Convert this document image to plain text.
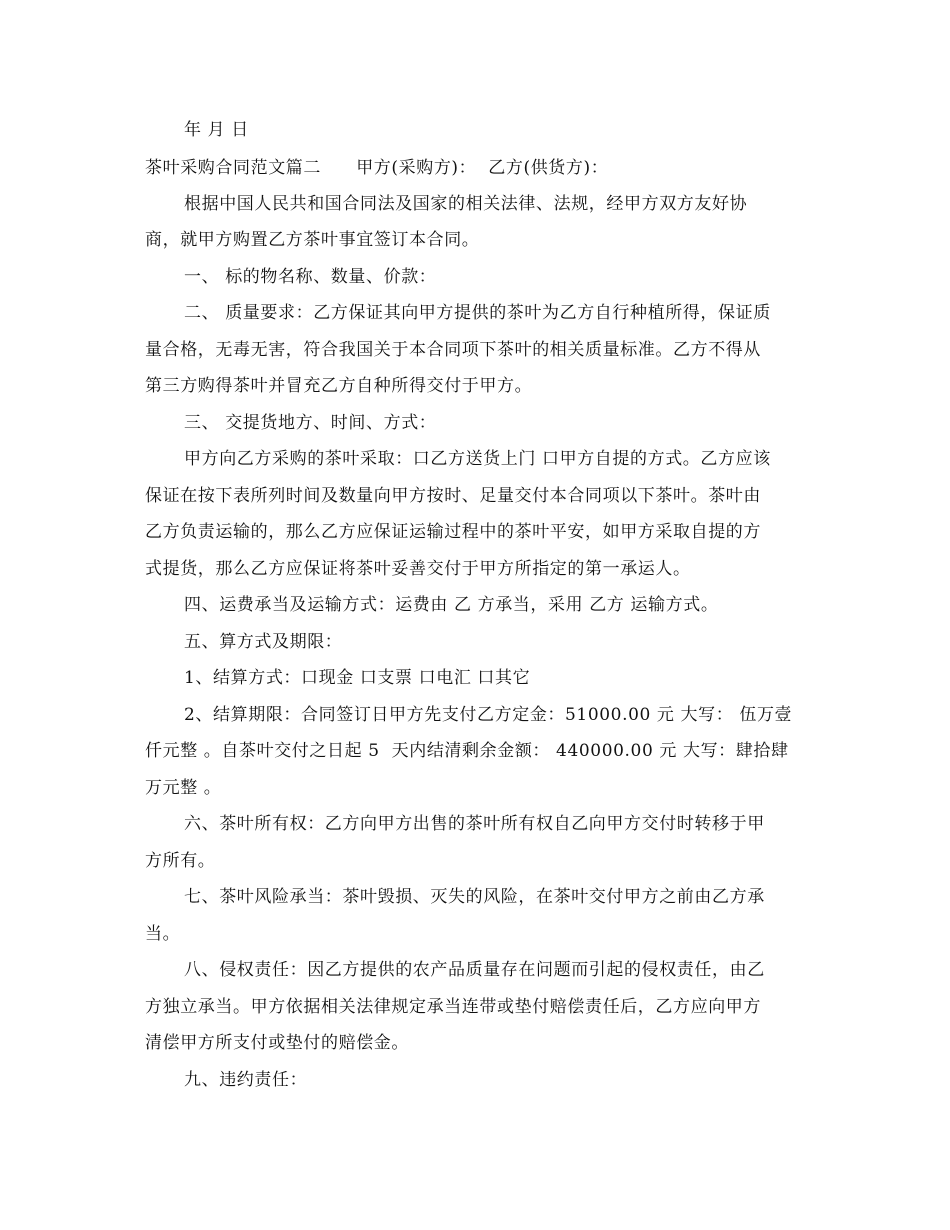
年 月 日
茶叶采购合同范文篇二　　甲方(采购方)：  乙方(供货方)：
根据中国人民共和国合同法及国家的相关法律、法规，经甲方双方友好协
商，就甲方购置乙方茶叶事宜签订本合同。
一、 标的物名称、数量、价款：
二、 质量要求：乙方保证其向甲方提供的茶叶为乙方自行种植所得，保证质
量合格，无毒无害，符合我国关于本合同项下茶叶的相关质量标准。乙方不得从
第三方购得茶叶并冒充乙方自种所得交付于甲方。
三、 交提货地方、时间、方式：
甲方向乙方采购的茶叶采取：口乙方送货上门 口甲方自提的方式。乙方应该
保证在按下表所列时间及数量向甲方按时、足量交付本合同项以下茶叶。茶叶由
乙方负责运输的，那么乙方应保证运输过程中的茶叶平安，如甲方采取自提的方
式提货，那么乙方应保证将茶叶妥善交付于甲方所指定的第一承运人。
四、运费承当及运输方式：运费由 乙 方承当，采用 乙方 运输方式。
五、算方式及期限：
1、结算方式：口现金 口支票 口电汇 口其它
2、结算期限：合同签订日甲方先支付乙方定金：51000.00 元 大写： 伍万壹
仟元整 。自茶叶交付之日起 5  天内结清剩余金额： 440000.00 元 大写：肆拾肆
万元整 。
六、茶叶所有权：乙方向甲方出售的茶叶所有权自乙向甲方交付时转移于甲
方所有。
七、茶叶风险承当：茶叶毁损、灭失的风险，在茶叶交付甲方之前由乙方承
当。
八、侵权责任：因乙方提供的农产品质量存在问题而引起的侵权责任，由乙
方独立承当。甲方依据相关法律规定承当连带或垫付赔偿责任后，乙方应向甲方
清偿甲方所支付或垫付的赔偿金。
九、违约责任：
